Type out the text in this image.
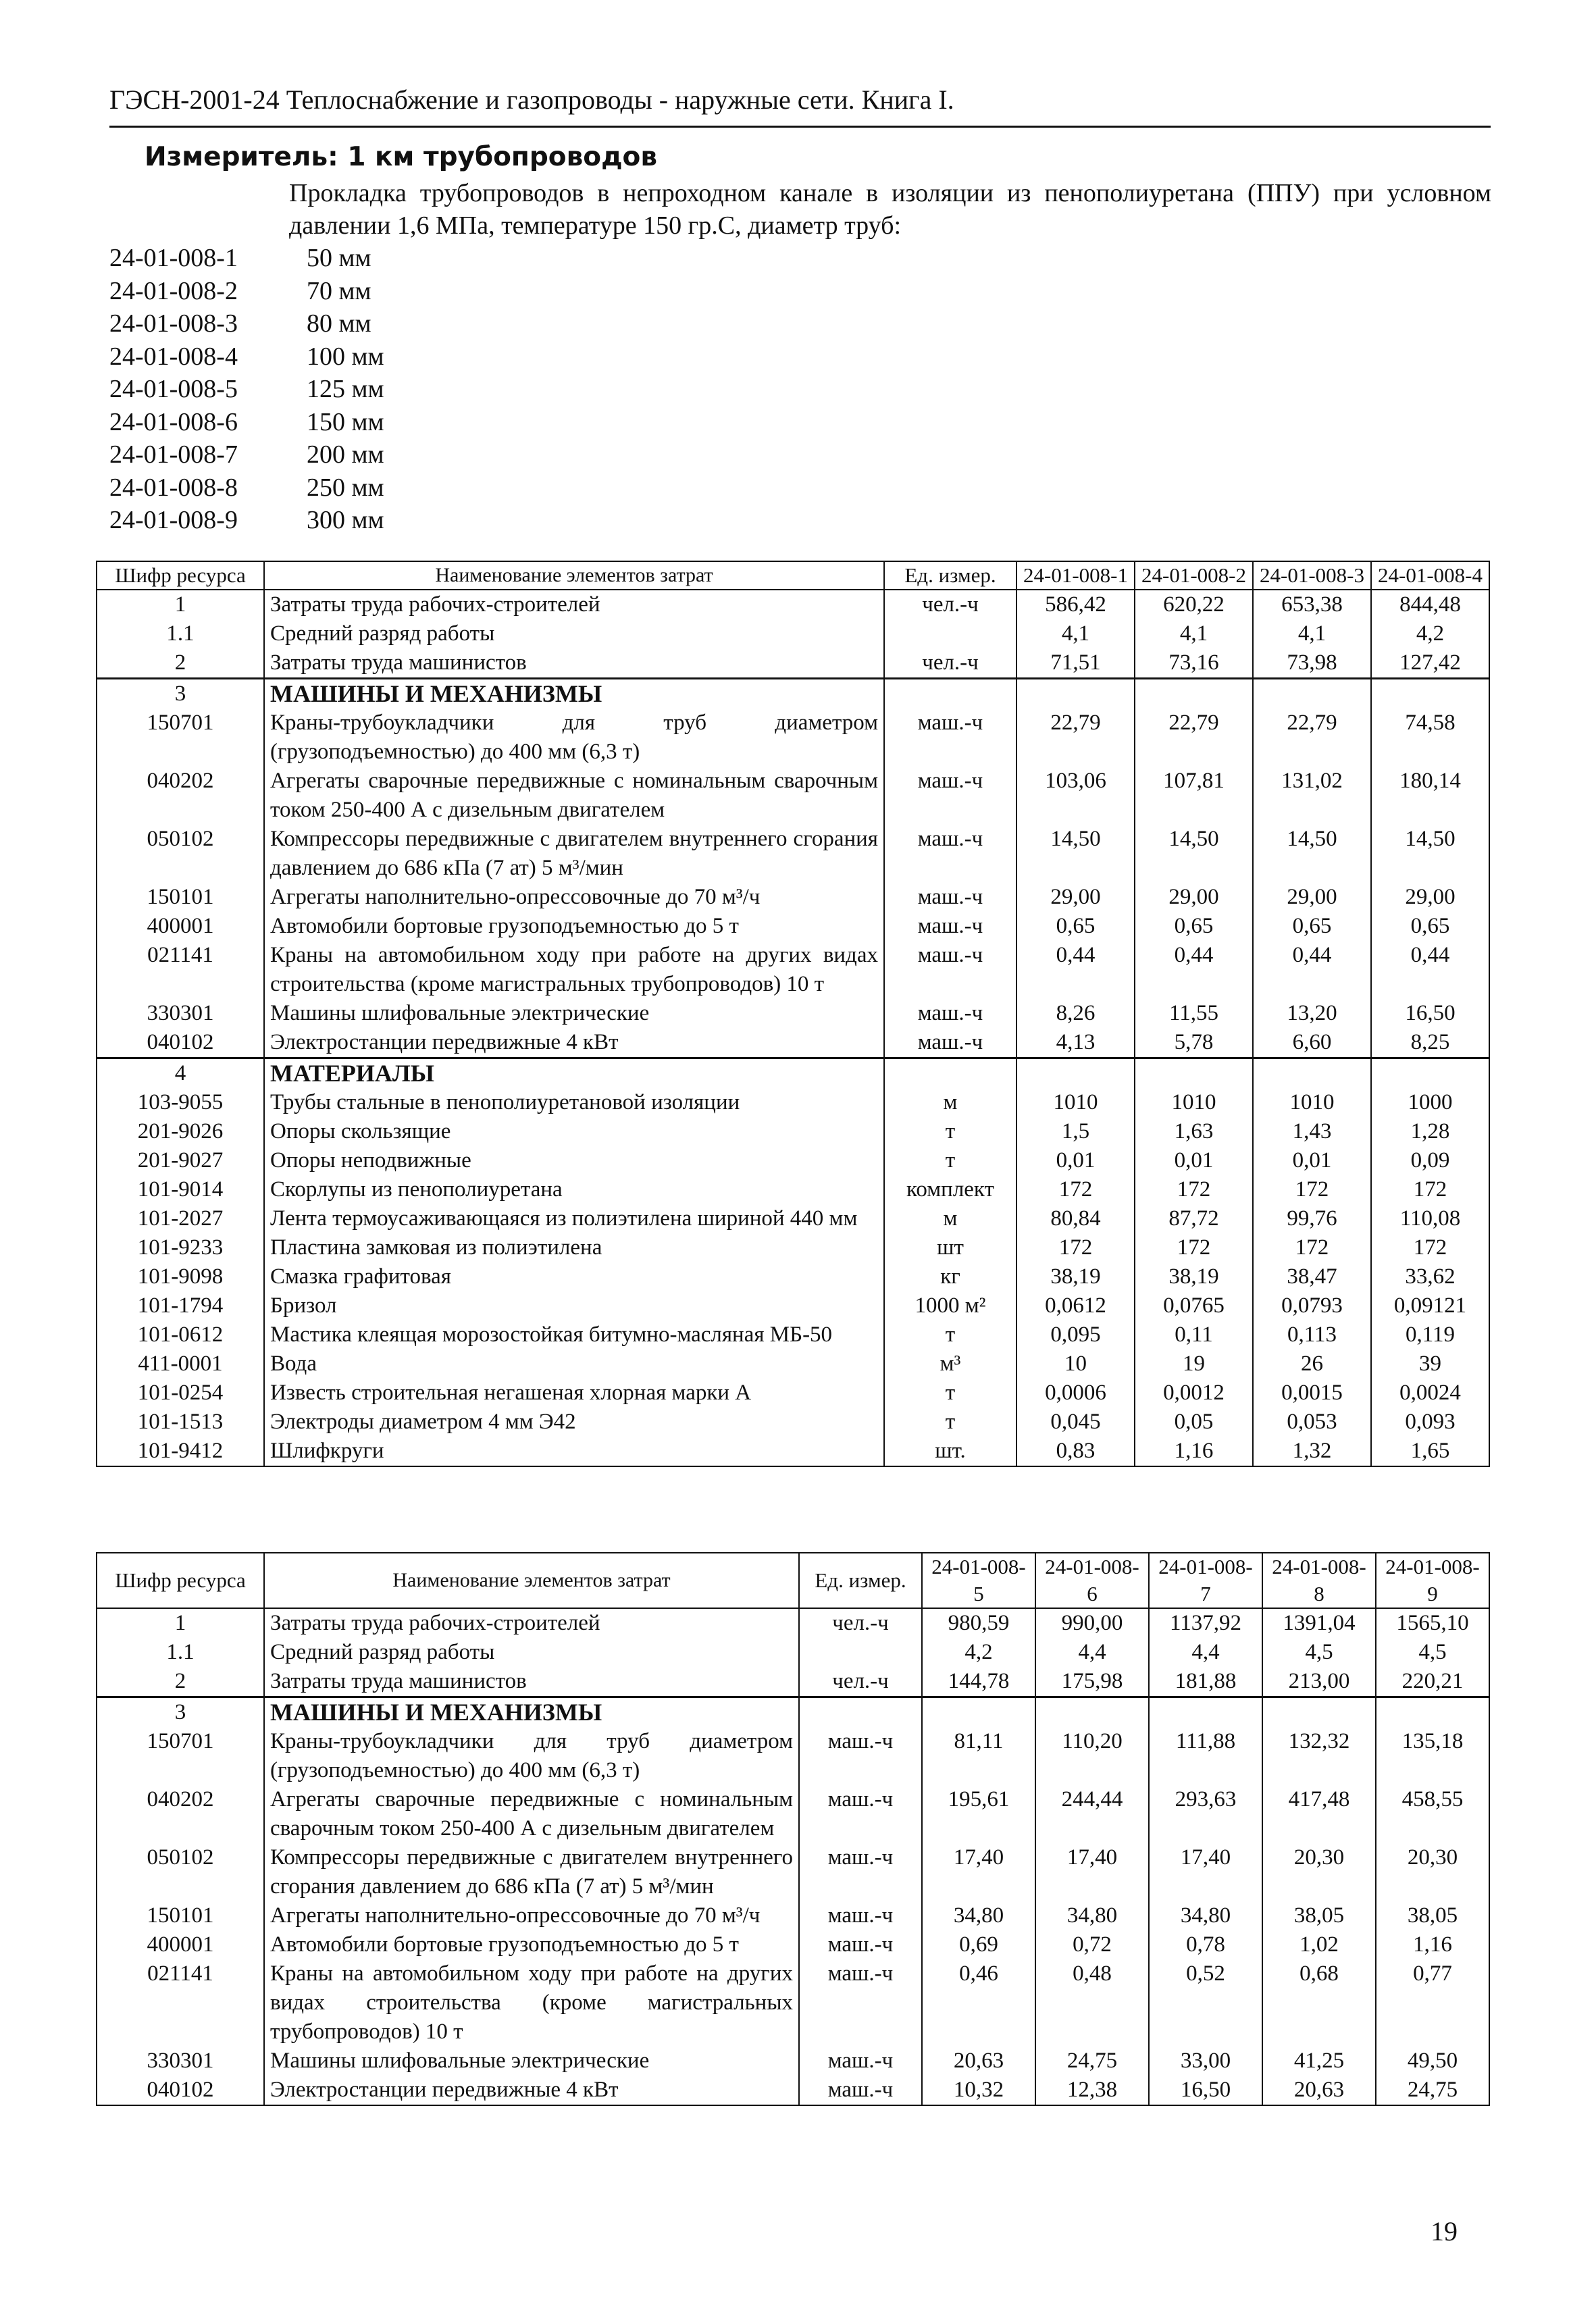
ГЭСН-2001-24 Теплоснабжение и газопроводы - наружные сети. Книга I.
Измеритель: 1 км трубопроводов
Прокладка трубопроводов в непроходном канале в изоляции из пенополиуретана (ППУ) при условном давлении 1,6 МПа, температуре 150 гр.С, диаметр труб:
24-01-008-1	50 мм
24-01-008-2	70 мм
24-01-008-3	80 мм
24-01-008-4	100 мм
24-01-008-5	125 мм
24-01-008-6	150 мм
24-01-008-7	200 мм
24-01-008-8	250 мм
24-01-008-9	300 мм
Шифр ресурса	Наименование элементов затрат	Ед. измер.	24-01-008-1	24-01-008-2	24-01-008-3	24-01-008-4
1	Затраты труда рабочих-строителей	чел.-ч	586,42	620,22	653,38	844,48
1.1	Средний разряд работы		4,1	4,1	4,1	4,2
2	Затраты труда машинистов	чел.-ч	71,51	73,16	73,98	127,42
3	МАШИНЫ И МЕХАНИЗМЫ					
150701	Краны-трубоукладчики для труб диаметром (грузоподъемностью) до 400 мм (6,3 т)	маш.-ч	22,79	22,79	22,79	74,58
040202	Агрегаты сварочные передвижные с номинальным сварочным током 250-400 А с дизельным двигателем	маш.-ч	103,06	107,81	131,02	180,14
050102	Компрессоры передвижные с двигателем внутреннего сгорания давлением до 686 кПа (7 ат) 5 м³/мин	маш.-ч	14,50	14,50	14,50	14,50
150101	Агрегаты наполнительно-опрессовочные до 70 м³/ч	маш.-ч	29,00	29,00	29,00	29,00
400001	Автомобили бортовые грузоподъемностью до 5 т	маш.-ч	0,65	0,65	0,65	0,65
021141	Краны на автомобильном ходу при работе на других видах строительства (кроме магистральных трубопроводов) 10 т	маш.-ч	0,44	0,44	0,44	0,44
330301	Машины шлифовальные электрические	маш.-ч	8,26	11,55	13,20	16,50
040102	Электростанции передвижные 4 кВт	маш.-ч	4,13	5,78	6,60	8,25
4	МАТЕРИАЛЫ					
103-9055	Трубы стальные в пенополиуретановой изоляции	м	1010	1010	1010	1000
201-9026	Опоры скользящие	т	1,5	1,63	1,43	1,28
201-9027	Опоры неподвижные	т	0,01	0,01	0,01	0,09
101-9014	Скорлупы из пенополиуретана	комплект	172	172	172	172
101-2027	Лента термоусаживающаяся из полиэтилена шириной 440 мм	м	80,84	87,72	99,76	110,08
101-9233	Пластина замковая из полиэтилена	шт	172	172	172	172
101-9098	Смазка графитовая	кг	38,19	38,19	38,47	33,62
101-1794	Бризол	1000 м²	0,0612	0,0765	0,0793	0,09121
101-0612	Мастика клеящая морозостойкая битумно-масляная МБ-50	т	0,095	0,11	0,113	0,119
411-0001	Вода	м³	10	19	26	39
101-0254	Известь строительная негашеная хлорная марки А	т	0,0006	0,0012	0,0015	0,0024
101-1513	Электроды диаметром 4 мм Э42	т	0,045	0,05	0,053	0,093
101-9412	Шлифкруги	шт.	0,83	1,16	1,32	1,65
Шифр ресурса	Наименование элементов затрат	Ед. измер.	24-01-008-5	24-01-008-6	24-01-008-7	24-01-008-8	24-01-008-9
1	Затраты труда рабочих-строителей	чел.-ч	980,59	990,00	1137,92	1391,04	1565,10
1.1	Средний разряд работы		4,2	4,4	4,4	4,5	4,5
2	Затраты труда машинистов	чел.-ч	144,78	175,98	181,88	213,00	220,21
3	МАШИНЫ И МЕХАНИЗМЫ						
150701	Краны-трубоукладчики для труб диаметром (грузоподъемностью) до 400 мм (6,3 т)	маш.-ч	81,11	110,20	111,88	132,32	135,18
040202	Агрегаты сварочные передвижные с номинальным сварочным током 250-400 А с дизельным двигателем	маш.-ч	195,61	244,44	293,63	417,48	458,55
050102	Компрессоры передвижные с двигателем внутреннего сгорания давлением до 686 кПа (7 ат) 5 м³/мин	маш.-ч	17,40	17,40	17,40	20,30	20,30
150101	Агрегаты наполнительно-опрессовочные до 70 м³/ч	маш.-ч	34,80	34,80	34,80	38,05	38,05
400001	Автомобили бортовые грузоподъемностью до 5 т	маш.-ч	0,69	0,72	0,78	1,02	1,16
021141	Краны на автомобильном ходу при работе на других видах строительства (кроме магистральных трубопроводов) 10 т	маш.-ч	0,46	0,48	0,52	0,68	0,77
330301	Машины шлифовальные электрические	маш.-ч	20,63	24,75	33,00	41,25	49,50
040102	Электростанции передвижные 4 кВт	маш.-ч	10,32	12,38	16,50	20,63	24,75
19
